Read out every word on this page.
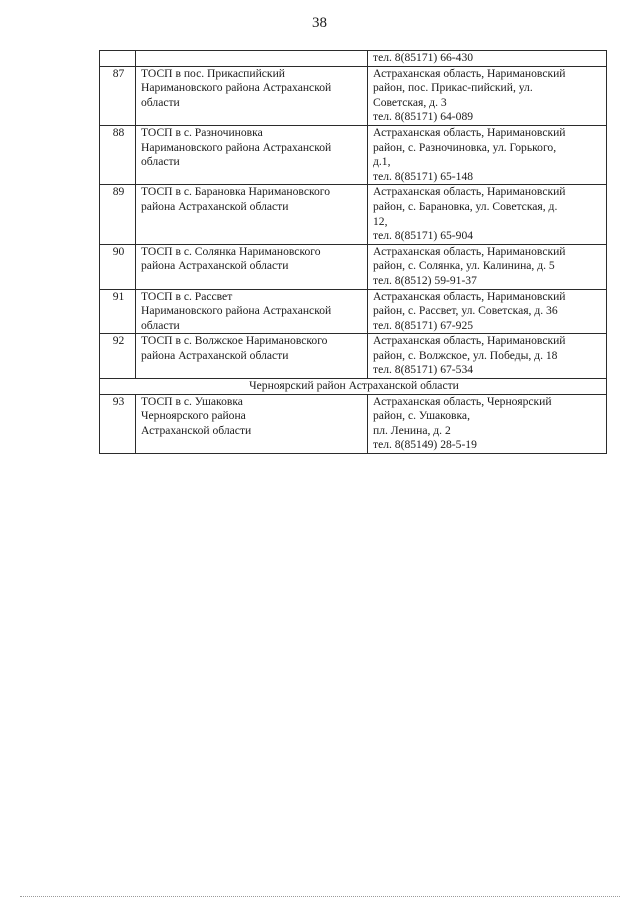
38

		тел. 8(85171) 66-430

87	ТОСП в пос. Прикаспийский
Наримановского района Астраханской
области	Астраханская область, Наримановский
район, пос. Прикас-пийский, ул.
Советская, д. 3
тел. 8(85171) 64-089

88	ТОСП в с. Разночиновка
Наримановского района Астраханской
области	Астраханская область, Наримановский
район, с. Разночиновка, ул. Горького,
д.1,
тел. 8(85171) 65-148

89	ТОСП в с. Барановка Наримановского
района Астраханской области	Астраханская область, Наримановский
район, с. Барановка, ул. Советская, д.
12,
тел. 8(85171) 65-904

90	ТОСП в с. Солянка Наримановского
района Астраханской области	Астраханская область, Наримановский
район, с. Солянка, ул. Калинина, д. 5
тел. 8(8512) 59-91-37

91	ТОСП в с. Рассвет
Наримановского района Астраханской
области	Астраханская область, Наримановский
район, с. Рассвет, ул. Советская, д. 36
тел. 8(85171) 67-925

92	ТОСП в с. Волжское Наримановского
района Астраханской области	Астраханская область, Наримановский
район, с. Волжское, ул. Победы, д. 18
тел. 8(85171) 67-534

Черноярский район Астраханской области		
93	ТОСП в с. Ушаковка
Черноярского района
Астраханской области	Астраханская область, Черноярский
район, с. Ушаковка,
пл. Ленина, д. 2
тел. 8(85149) 28-5-19
